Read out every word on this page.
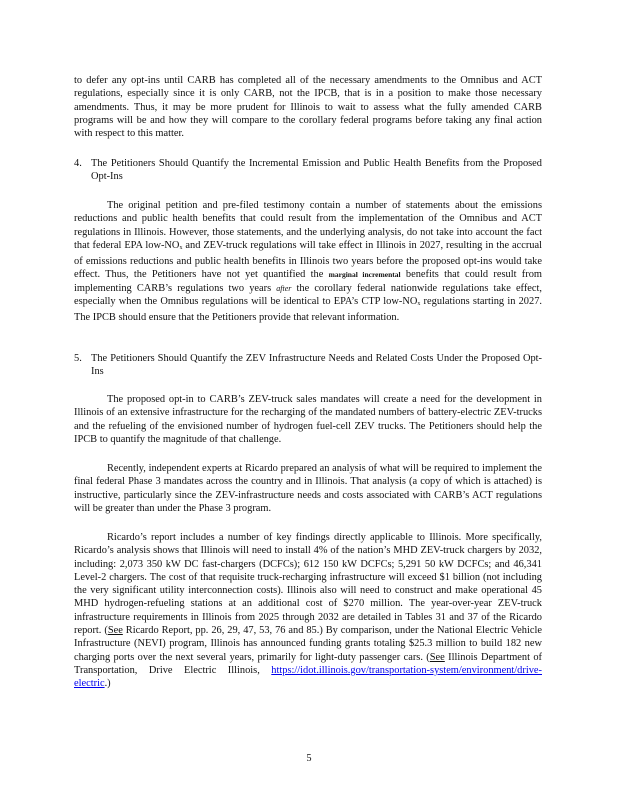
to defer any opt-ins until CARB has completed all of the necessary amendments to the Omnibus and ACT regulations, especially since it is only CARB, not the IPCB, that is in a position to make those necessary amendments. Thus, it may be more prudent for Illinois to wait to assess what the fully amended CARB programs will be and how they will compare to the corollary federal programs before taking any final action with respect to this matter.

4. The Petitioners Should Quantify the Incremental Emission and Public Health Benefits from the Proposed Opt-Ins

The original petition and pre-filed testimony contain a number of statements about the emissions reductions and public health benefits that could result from the implementation of the Omnibus and ACT regulations in Illinois. However, those statements, and the underlying analysis, do not take into account the fact that federal EPA low-$NO_x$ and ZEV-truck regulations will take effect in Illinois in 2027, resulting in the accrual of emissions reductions and public health benefits in Illinois two years before the proposed opt-ins would take effect. Thus, the Petitioners have not yet quantified the marginal incremental benefits that could result from implementing CARB’s regulations two years after the corollary federal nationwide regulations take effect, especially when the Omnibus regulations will be identical to EPA’s CTP low-$NO_x$ regulations starting in 2027. The IPCB should ensure that the Petitioners provide that relevant information.

5. The Petitioners Should Quantify the ZEV Infrastructure Needs and Related Costs Under the Proposed Opt-Ins

The proposed opt-in to CARB’s ZEV-truck sales mandates will create a need for the development in Illinois of an extensive infrastructure for the recharging of the mandated numbers of battery-electric ZEV-trucks and the refueling of the envisioned number of hydrogen fuel-cell ZEV trucks. The Petitioners should help the IPCB to quantify the magnitude of that challenge.

Recently, independent experts at Ricardo prepared an analysis of what will be required to implement the final federal Phase 3 mandates across the country and in Illinois. That analysis (a copy of which is attached) is instructive, particularly since the ZEV-infrastructure needs and costs associated with CARB’s ACT regulations will be greater than under the Phase 3 program.

Ricardo’s report includes a number of key findings directly applicable to Illinois. More specifically, Ricardo’s analysis shows that Illinois will need to install 4% of the nation’s MHD ZEV-truck chargers by 2032, including: 2,073 350 kW DC fast-chargers (DCFCs); 612 150 kW DCFCs; 5,291 50 kW DCFCs; and 46,341 Level-2 chargers. The cost of that requisite truck-recharging infrastructure will exceed $1 billion (not including the very significant utility interconnection costs). Illinois also will need to construct and make operational 45 MHD hydrogen-refueling stations at an additional cost of $270 million. The year-over-year ZEV-truck infrastructure requirements in Illinois from 2025 through 2032 are detailed in Tables 31 and 37 of the Ricardo report. (See Ricardo Report, pp. 26, 29, 47, 53, 76 and 85.) By comparison, under the National Electric Vehicle Infrastructure (NEVI) program, Illinois has announced funding grants totaling $25.3 million to build 182 new charging ports over the next several years, primarily for light-duty passenger cars. (See Illinois Department of Transportation, Drive Electric Illinois, https://idot.illinois.gov/transportation-system/environment/drive-electric.)

5
